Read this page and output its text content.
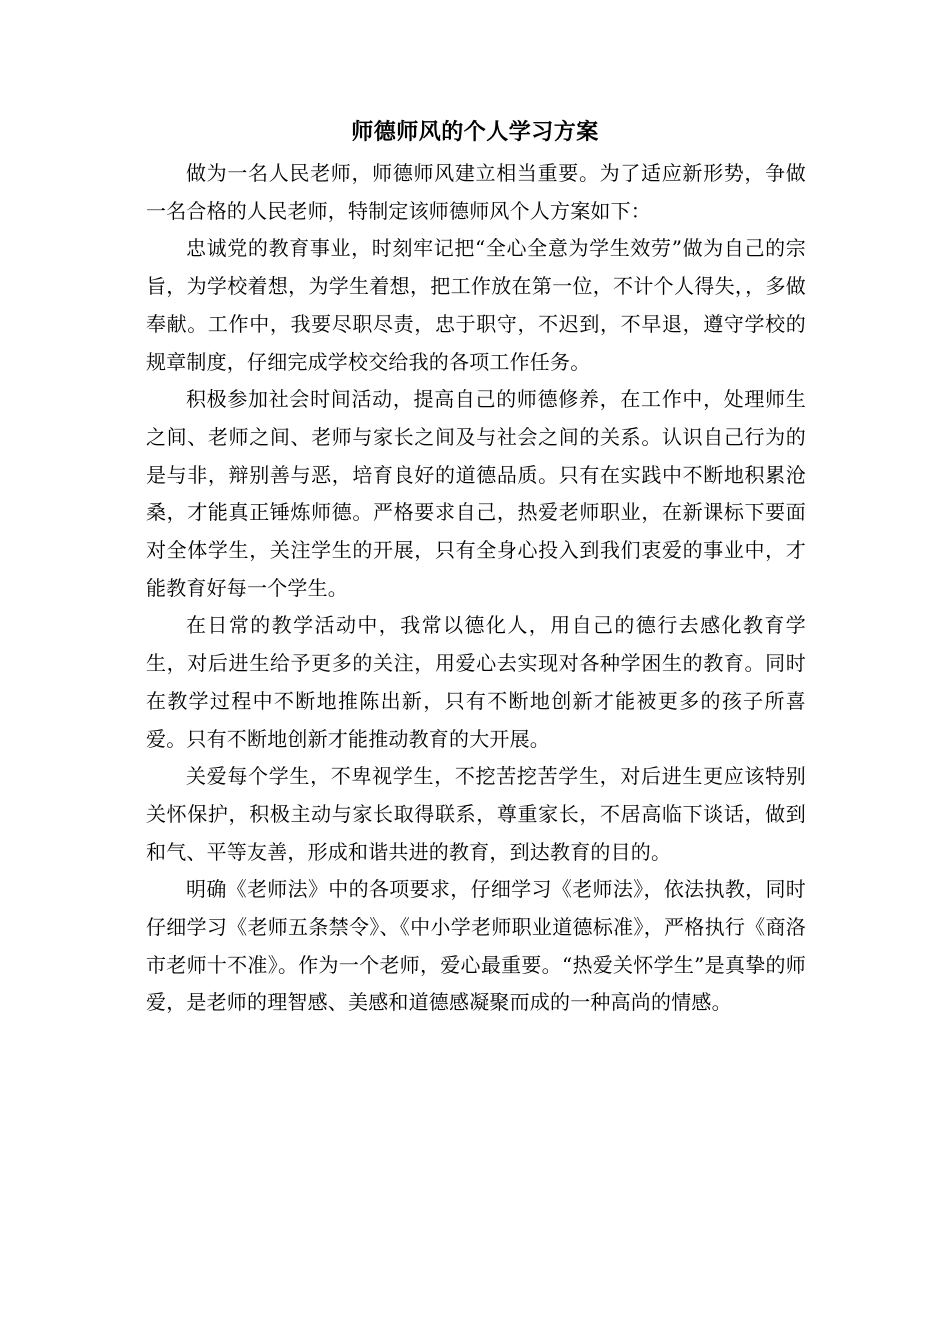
师德师风的个人学习方案

做为一名人民老师，师德师风建立相当重要。为了适应新形势，争做一名合格的人民老师，特制定该师德师风个人方案如下：

忠诚党的教育事业，时刻牢记把“全心全意为学生效劳”做为自己的宗旨，为学校着想，为学生着想，把工作放在第一位，不计个人得失，，多做奉献。工作中，我要尽职尽责，忠于职守，不迟到，不早退，遵守学校的规章制度，仔细完成学校交给我的各项工作任务。

积极参加社会时间活动，提高自己的师德修养，在工作中，处理师生之间、老师之间、老师与家长之间及与社会之间的关系。认识自己行为的是与非，辩别善与恶，培育良好的道德品质。只有在实践中不断地积累沧桑，才能真正锤炼师德。严格要求自己，热爱老师职业，在新课标下要面对全体学生，关注学生的开展，只有全身心投入到我们衷爱的事业中，才能教育好每一个学生。

在日常的教学活动中，我常以德化人，用自己的德行去感化教育学生，对后进生给予更多的关注，用爱心去实现对各种学困生的教育。同时在教学过程中不断地推陈出新，只有不断地创新才能被更多的孩子所喜爱。只有不断地创新才能推动教育的大开展。

关爱每个学生，不卑视学生，不挖苦挖苦学生，对后进生更应该特别关怀保护，积极主动与家长取得联系，尊重家长，不居高临下谈话，做到和气、平等友善，形成和谐共进的教育，到达教育的目的。

明确《老师法》中的各项要求，仔细学习《老师法》，依法执教，同时仔细学习《老师五条禁令》、《中小学老师职业道德标准》，严格执行《商洛市老师十不准》。作为一个老师，爱心最重要。“热爱关怀学生”是真挚的师爱，是老师的理智感、美感和道德感凝聚而成的一种高尚的情感。
